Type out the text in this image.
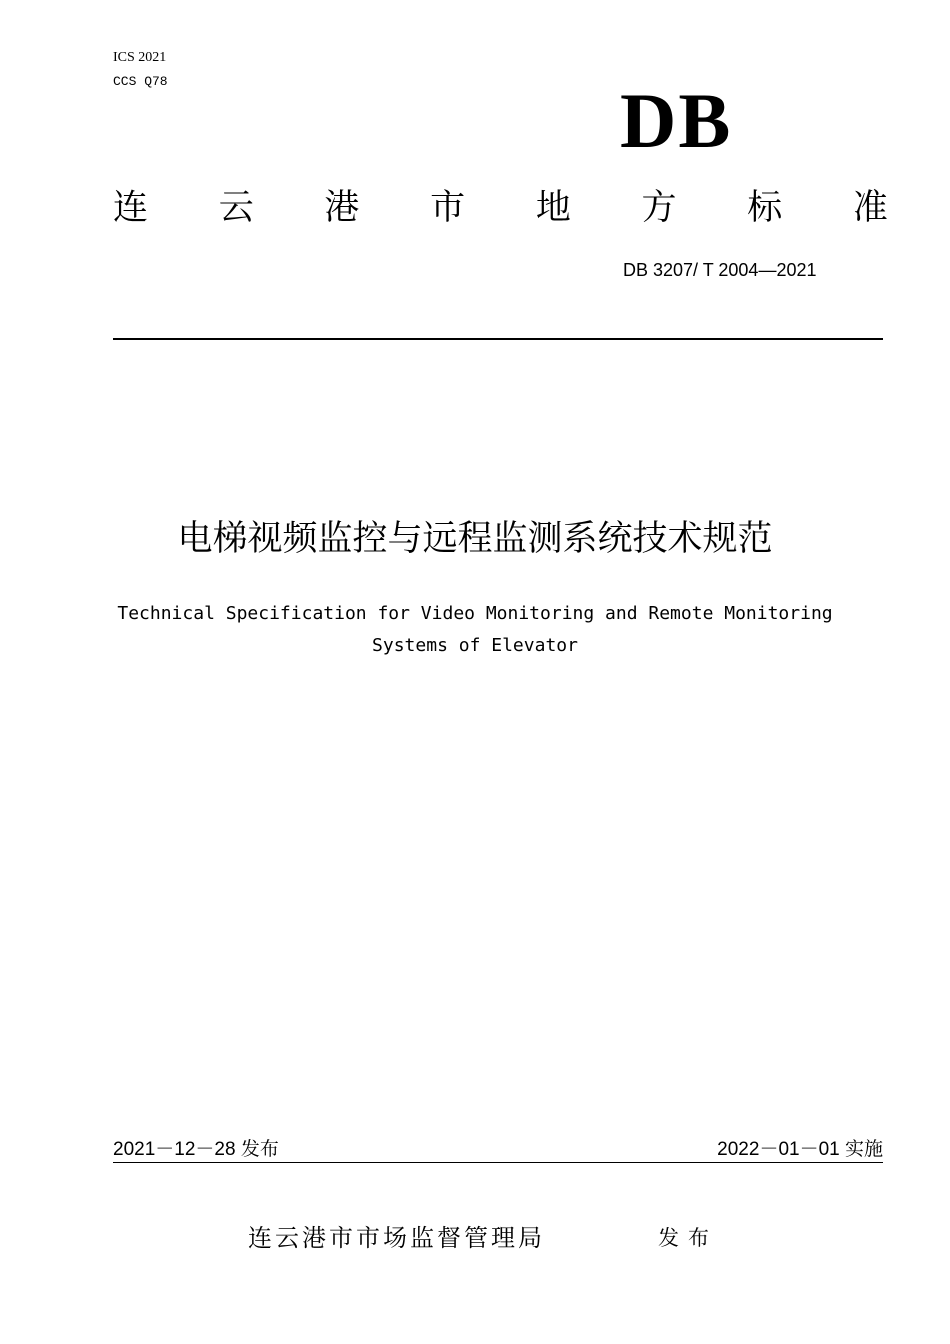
ICS 2021
CCS Q78	DB
连 云 港 市 地 方 标 准
DB 3207/ T 2004—2021
电梯视频监控与远程监测系统技术规范
Technical Specification for Video Monitoring and Remote Monitoring
Systems of Elevator
2021－12－28 发布	2022－01－01 实施
连云港市市场监督管理局	发布
